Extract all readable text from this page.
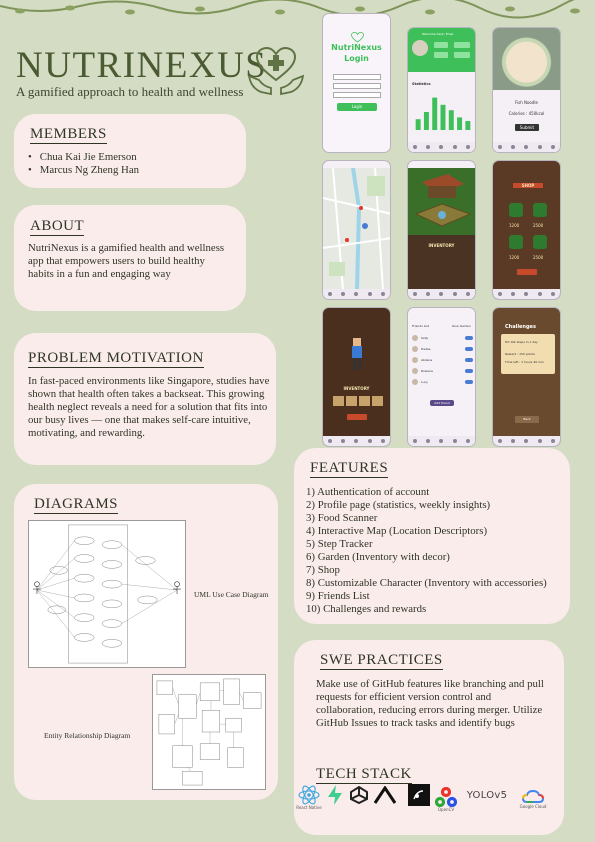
NUTRINEXUS
A gamified approach to health and wellness
MEMBERS
• Chua Kai Jie Emerson
• Marcus Ng Zheng Han
ABOUT

NutriNexus is a gamified health and wellness app that empowers users to build healthy habits in a fun and engaging way

PROBLEM MOTIVATION

In fast-paced environments like Singapore, studies have shown that health often takes a backseat. This growing health neglect reveals a need for a solution that fits into our busy lives — one that makes self-care intuitive, motivating, and rewarding.

DIAGRAMS
UML Use Case Diagram
Entity Relationship Diagram
FEATURES

1) Authentication of account

2) Profile page (statistics, weekly insights)

3) Food Scanner

4) Interactive Map (Location Descriptors)

5) Step Tracker

6) Garden (Inventory with decor)

7) Shop

8) Customizable Character (Inventory with accessories)

9) Friends List

10) Challenges and rewards

SWE PRACTICES

Make use of GitHub features like branching and pull requests for efficient version control and collaboration, reducing errors during merger. Utilize GitHub Issues to track tasks and identify bugs

TECH STACK
React Native	OpenCV
YOLOv5
Google Cloud
NutriNexus
Login
Login
Welcome back, Emer
Statistics
Fish Noodle
Calories : 450kcal
Submit
INVENTORY
SHOP
1200	2500
1200	2500
INVENTORY
Friends List	Give Garden
Sally
Hades
Abilene
Rowena
Lucy
Add friend
Challenges
Hit 10k steps in 1 day
Reward : 150 points
Time left : 1 hours 40 min
Back
